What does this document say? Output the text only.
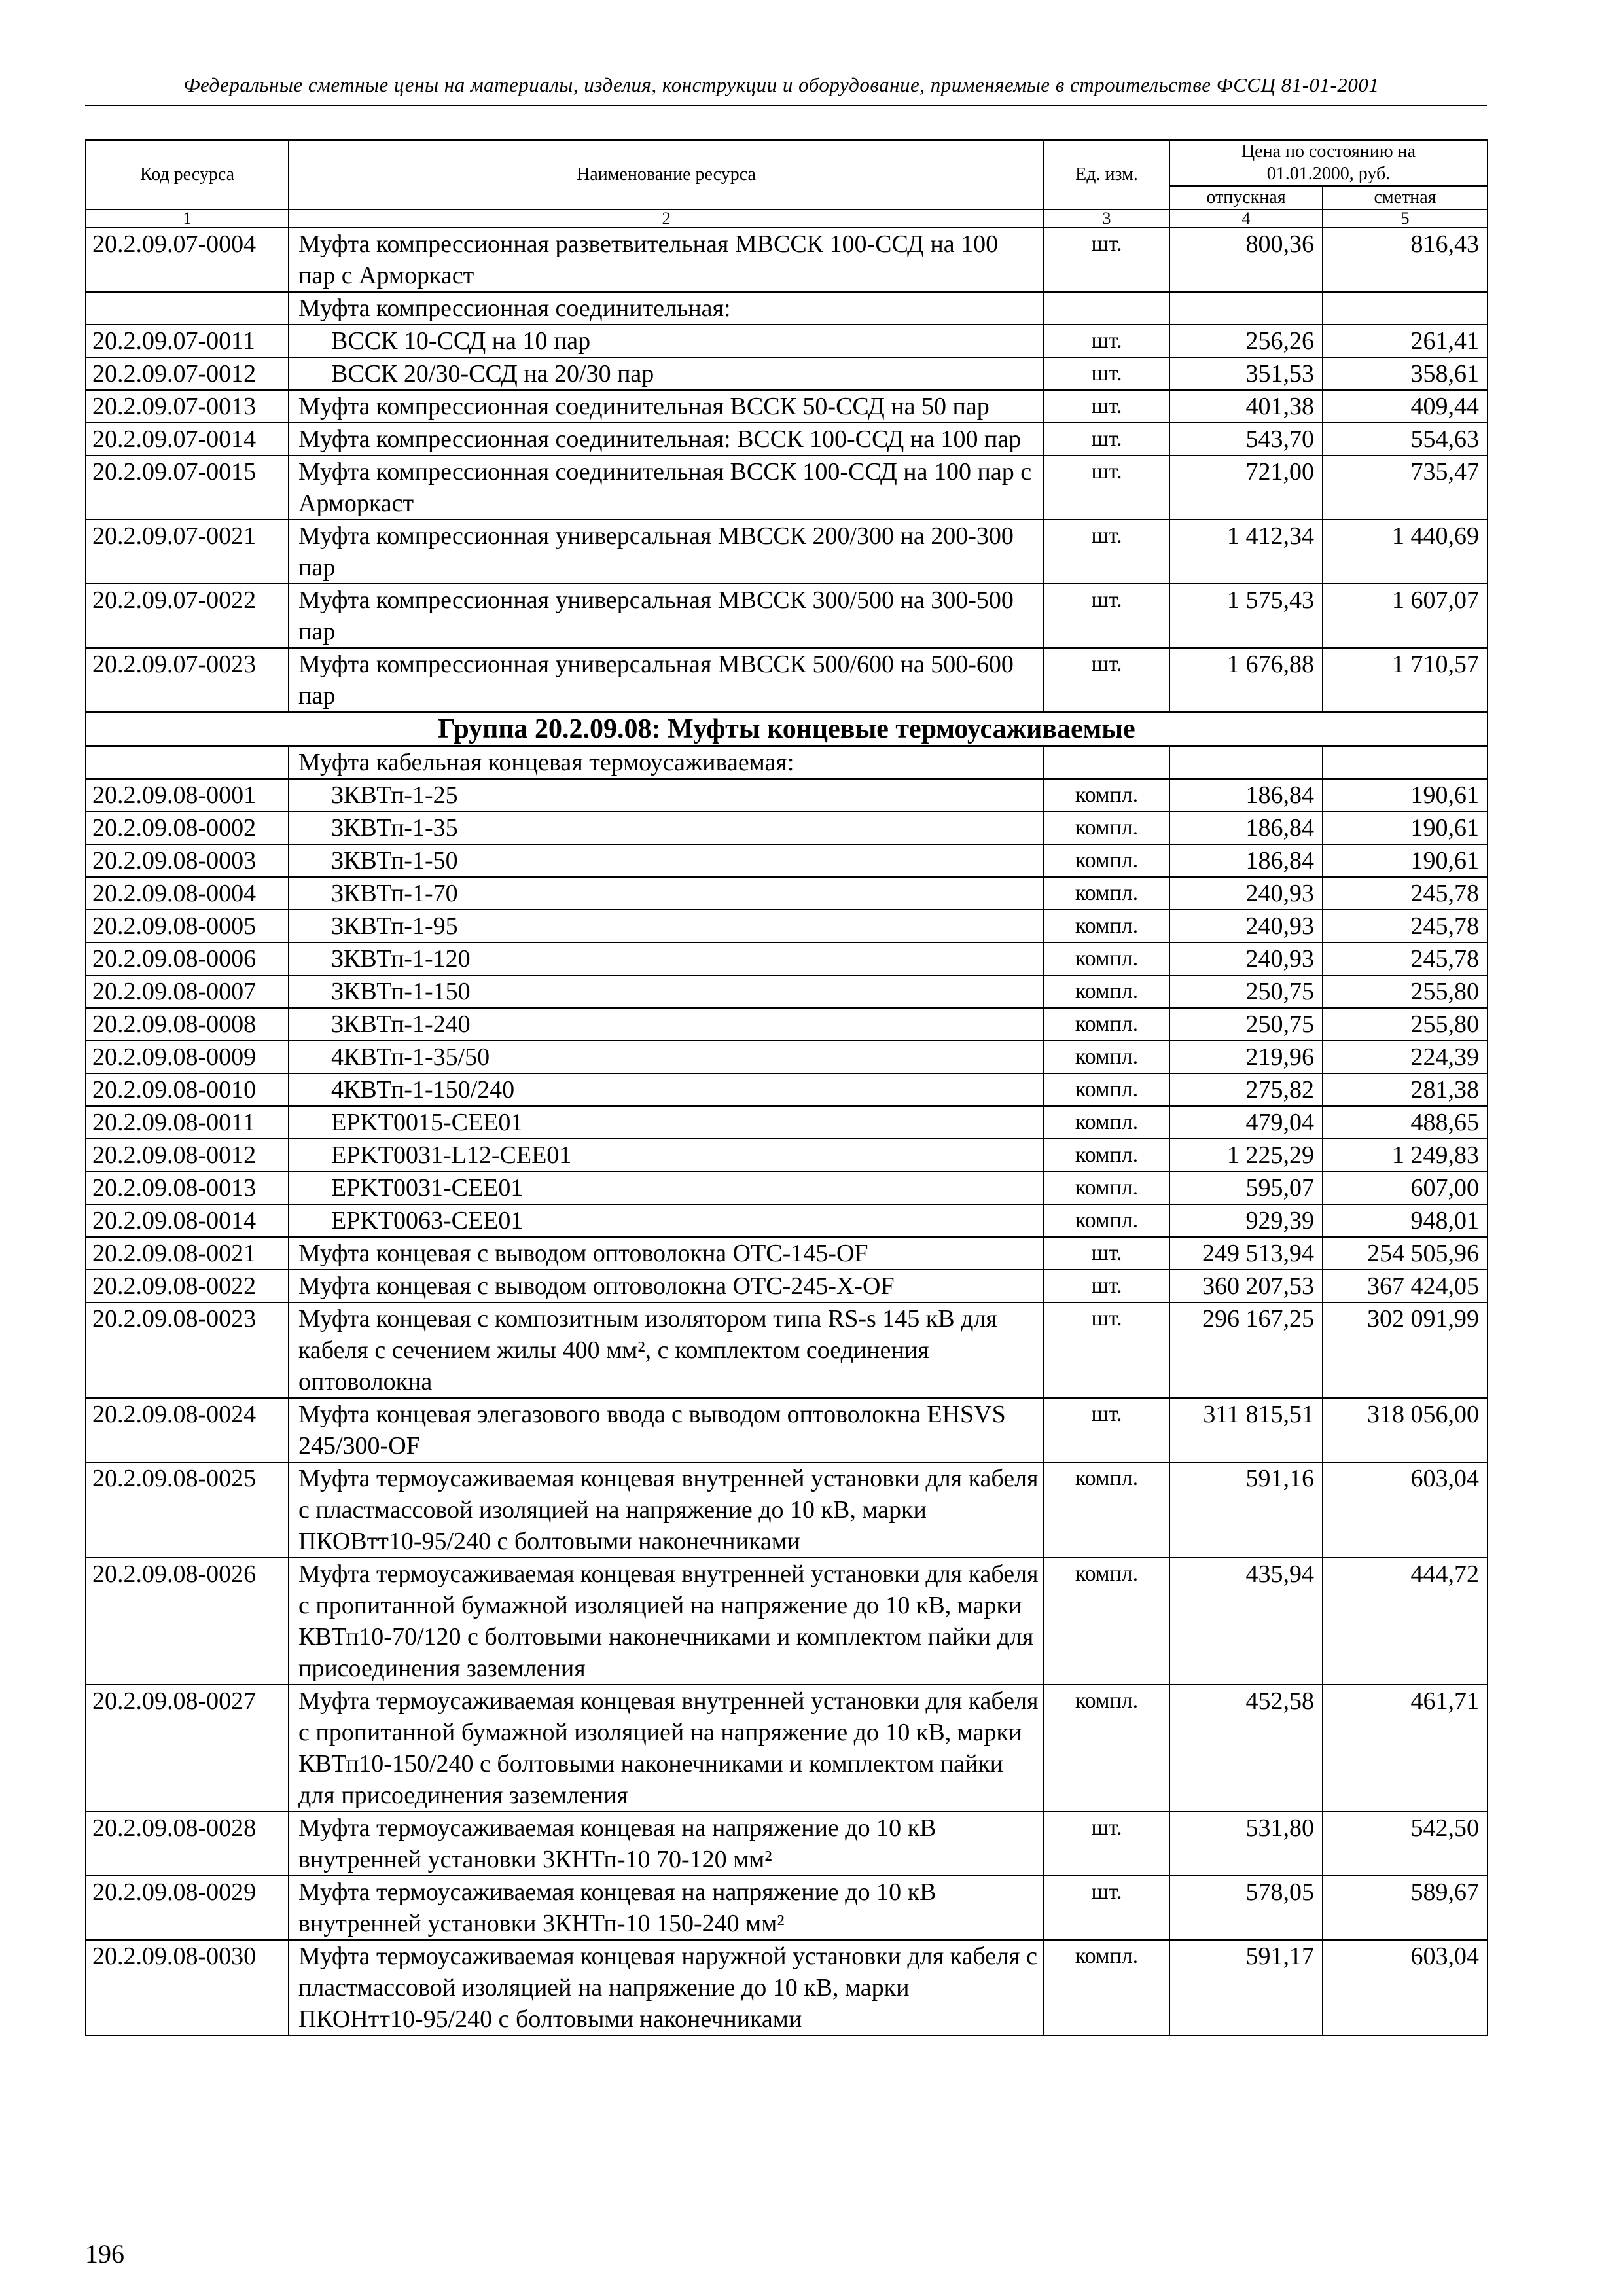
Федеральные сметные цены на материалы, изделия, конструкции и оборудование, применяемые в строительстве ФССЦ 81-01-2001
Код ресурса	Наименование ресурса	Ед. изм.	Цена по состоянию на 01.01.2000, руб.	
			отпускная	сметная
1	2	3	4	5
20.2.09.07-0004	Муфта компрессионная разветвительная МВССК 100-ССД на 100 пар с Арморкаст	шт.	800,36	816,43
	Муфта компрессионная соединительная:			
20.2.09.07-0011	ВССК 10-ССД на 10 пар	шт.	256,26	261,41
20.2.09.07-0012	ВССК 20/30-ССД на 20/30 пар	шт.	351,53	358,61
20.2.09.07-0013	Муфта компрессионная соединительная ВССК 50-ССД на 50 пар	шт.	401,38	409,44
20.2.09.07-0014	Муфта компрессионная соединительная: ВССК 100-ССД на 100 пар	шт.	543,70	554,63
20.2.09.07-0015	Муфта компрессионная соединительная ВССК 100-ССД на 100 пар с Арморкаст	шт.	721,00	735,47
20.2.09.07-0021	Муфта компрессионная универсальная МВССК 200/300 на 200-300 пар	шт.	1 412,34	1 440,69
20.2.09.07-0022	Муфта компрессионная универсальная МВССК 300/500 на 300-500 пар	шт.	1 575,43	1 607,07
20.2.09.07-0023	Муфта компрессионная универсальная МВССК 500/600 на 500-600 пар	шт.	1 676,88	1 710,57
Группа 20.2.09.08: Муфты концевые термоусаживаемые				
	Муфта кабельная концевая термоусаживаемая:			
20.2.09.08-0001	3КВТп-1-25	компл.	186,84	190,61
20.2.09.08-0002	3КВТп-1-35	компл.	186,84	190,61
20.2.09.08-0003	3КВТп-1-50	компл.	186,84	190,61
20.2.09.08-0004	3КВТп-1-70	компл.	240,93	245,78
20.2.09.08-0005	3КВТп-1-95	компл.	240,93	245,78
20.2.09.08-0006	3КВТп-1-120	компл.	240,93	245,78
20.2.09.08-0007	3КВТп-1-150	компл.	250,75	255,80
20.2.09.08-0008	3КВТп-1-240	компл.	250,75	255,80
20.2.09.08-0009	4КВТп-1-35/50	компл.	219,96	224,39
20.2.09.08-0010	4КВТп-1-150/240	компл.	275,82	281,38
20.2.09.08-0011	EPKT0015-CEE01	компл.	479,04	488,65
20.2.09.08-0012	EPKT0031-L12-CEE01	компл.	1 225,29	1 249,83
20.2.09.08-0013	EPKT0031-CEE01	компл.	595,07	607,00
20.2.09.08-0014	EPKT0063-CEE01	компл.	929,39	948,01
20.2.09.08-0021	Муфта концевая с выводом оптоволокна OTC-145-OF	шт.	249 513,94	254 505,96
20.2.09.08-0022	Муфта концевая с выводом оптоволокна OTC-245-X-OF	шт.	360 207,53	367 424,05
20.2.09.08-0023	Муфта концевая с композитным изолятором типа RS-s 145 кВ для кабеля с сечением жилы 400 мм², с комплектом соединения оптоволокна	шт.	296 167,25	302 091,99
20.2.09.08-0024	Муфта концевая элегазового ввода с выводом оптоволокна EHSVS 245/300-OF	шт.	311 815,51	318 056,00
20.2.09.08-0025	Муфта термоусаживаемая концевая внутренней установки для кабеля с пластмассовой изоляцией на напряжение до 10 кВ, марки ПКОВтт10-95/240 с болтовыми наконечниками	компл.	591,16	603,04
20.2.09.08-0026	Муфта термоусаживаемая концевая внутренней установки для кабеля с пропитанной бумажной изоляцией на напряжение до 10 кВ, марки КВТп10-70/120 с болтовыми наконечниками и комплектом пайки для присоединения заземления	компл.	435,94	444,72
20.2.09.08-0027	Муфта термоусаживаемая концевая внутренней установки для кабеля с пропитанной бумажной изоляцией на напряжение до 10 кВ, марки КВТп10-150/240 с болтовыми наконечниками и комплектом пайки для присоединения заземления	компл.	452,58	461,71
20.2.09.08-0028	Муфта термоусаживаемая концевая на напряжение до 10 кВ внутренней установки 3КНТп-10 70-120 мм²	шт.	531,80	542,50
20.2.09.08-0029	Муфта термоусаживаемая концевая на напряжение до 10 кВ внутренней установки 3КНТп-10 150-240 мм²	шт.	578,05	589,67
20.2.09.08-0030	Муфта термоусаживаемая концевая наружной установки для кабеля с пластмассовой изоляцией на напряжение до 10 кВ, марки ПКОНтт10-95/240 с болтовыми наконечниками	компл.	591,17	603,04
196
